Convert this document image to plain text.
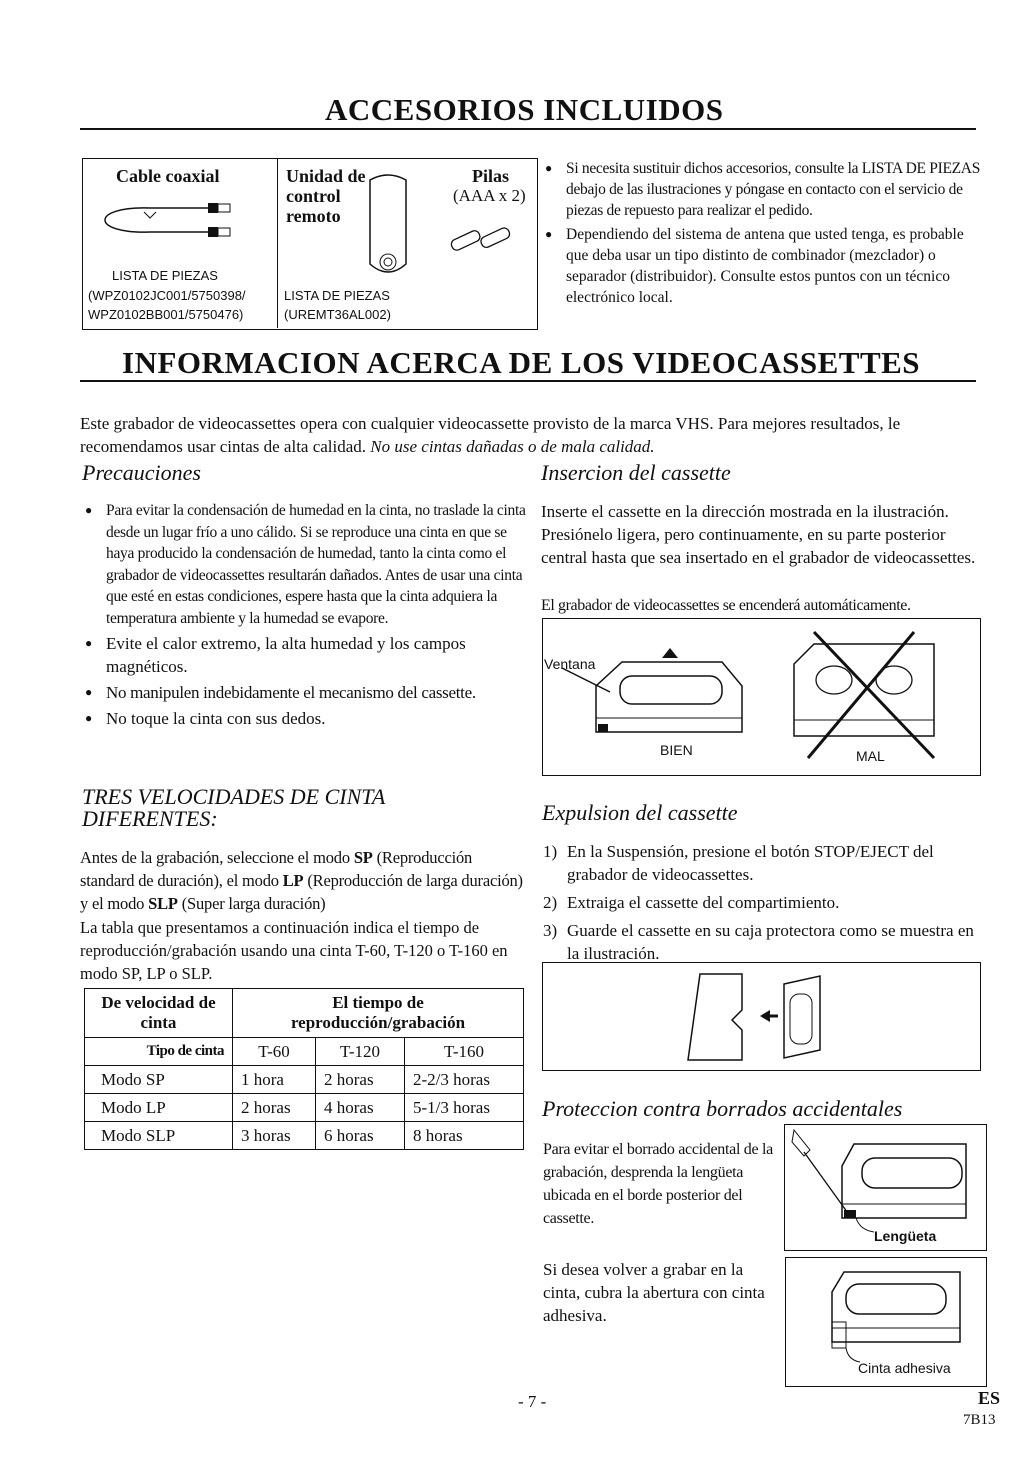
ACCESORIOS INCLUIDOS
Cable coaxial
LISTA DE PIEZAS
(WPZ0102JC001/5750398/
WPZ0102BB001/5750476)
Unidad de
control
remoto
LISTA DE PIEZAS
(UREMT36AL002)
Pilas
(AAA x 2)
● Si necesita sustituir dichos accesorios, consulte la LISTA DE PIEZAS debajo de las ilustraciones y póngase en contacto con el servicio de piezas de repuesto para realizar el pedido.
● Dependiendo del sistema de antena que usted tenga, es probable que deba usar un tipo distinto de combinador (mezclador) o separador (distribuidor). Consulte estos puntos con un técnico electrónico local.
INFORMACION ACERCA DE LOS VIDEOCASSETTES
Este grabador de videocassettes opera con cualquier videocassette provisto de la marca VHS. Para mejores resultados, le recomendamos usar cintas de alta calidad. No use cintas dañadas o de mala calidad.
Precauciones
● Para evitar la condensación de humedad en la cinta, no traslade la cinta desde un lugar frío a uno cálido. Si se reproduce una cinta en que se haya producido la condensación de humedad, tanto la cinta como el grabador de videocassettes resultarán dañados. Antes de usar una cinta que esté en estas condiciones, espere hasta que la cinta adquiera la temperatura ambiente y la humedad se evapore.
● Evite el calor extremo, la alta humedad y los campos magnéticos.
● No manipulen indebidamente el mecanismo del cassette.
● No toque la cinta con sus dedos.
Insercion del cassette
Inserte el cassette en la dirección mostrada en la ilustración. Presiónelo ligera, pero continuamente, en su parte posterior central hasta que sea insertado en el grabador de videocassettes.
El grabador de videocassettes se encenderá automáticamente.
Ventana
BIEN	MAL
TRES VELOCIDADES DE CINTA
DIFERENTES:
Antes de la grabación, seleccione el modo SP (Reproducción standard de duración), el modo LP (Reproducción de larga duración) y el modo SLP (Super larga duración)
La tabla que presentamos a continuación indica el tiempo de reproducción/grabación usando una cinta T-60, T-120 o T-160 en modo SP, LP o SLP.
De velocidad de
cinta	El tiempo de
reproducción/grabación		
Tipo de cinta	T-60	T-120	T-160
Modo SP	1 hora	2 horas	2-2/3 horas
Modo LP	2 horas	4 horas	5-1/3 horas
Modo SLP	3 horas	6 horas	8 horas
Expulsion del cassette
1) En la Suspensión, presione el botón STOP/EJECT del grabador de videocassettes.
2) Extraiga el cassette del compartimiento.
3) Guarde el cassette en su caja protectora como se muestra en la ilustración.
Proteccion contra borrados accidentales
Para evitar el borrado accidental de la grabación, desprenda la lengüeta ubicada en el borde posterior del cassette.
Lengüeta
Si desea volver a grabar en la cinta, cubra la abertura con cinta adhesiva.
Cinta adhesiva
- 7 -	ES
7B13
